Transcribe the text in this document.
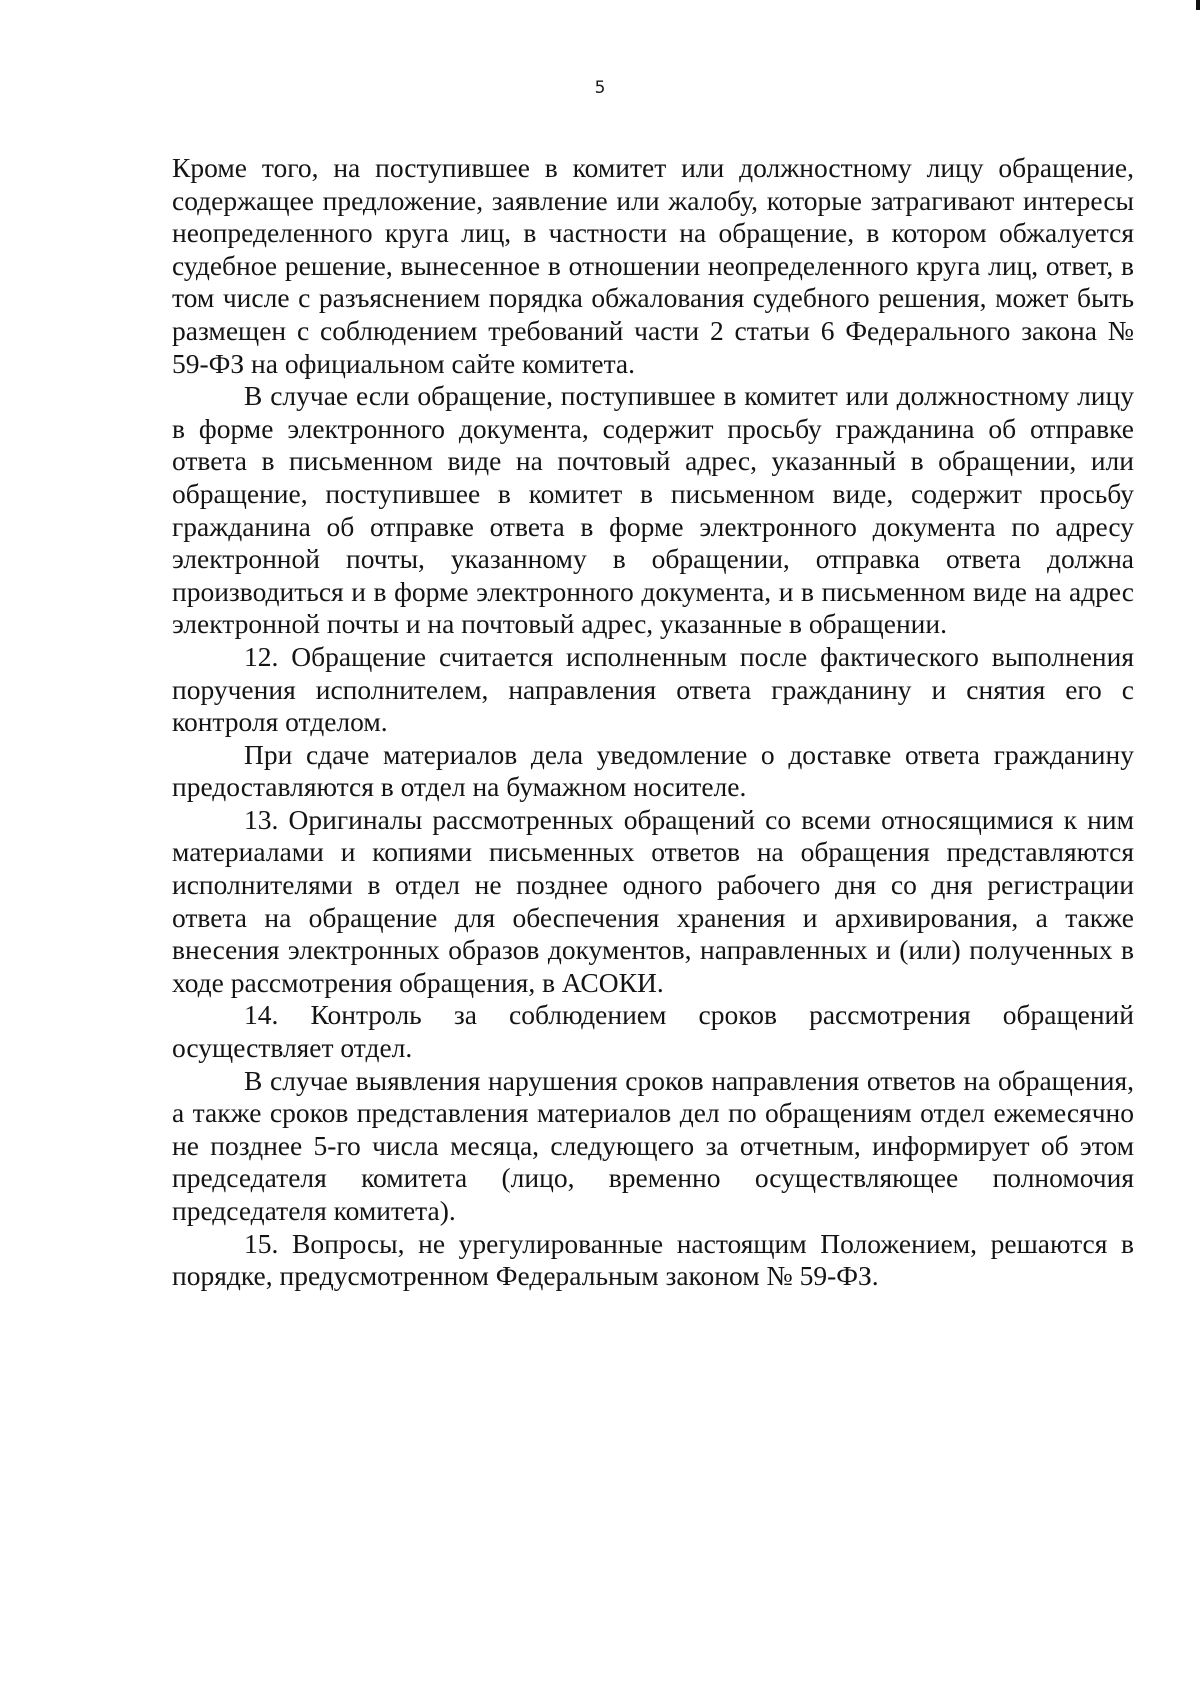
5

Кроме того, на поступившее в комитет или должностному лицу обращение, содержащее предложение, заявление или жалобу, которые затрагивают интересы неопределенного круга лиц, в частности на обращение, в котором обжалуется судебное решение, вынесенное в отношении неопределенного круга лиц, ответ, в том числе с разъяснением порядка обжалования судебного решения, может быть размещен с соблюдением требований части 2 статьи 6 Федерального закона № 59-ФЗ на официальном сайте комитета.

В случае если обращение, поступившее в комитет или должностному лицу в форме электронного документа, содержит просьбу гражданина об отправке ответа в письменном виде на почтовый адрес, указанный в обращении, или обращение, поступившее в комитет в письменном виде, содержит просьбу гражданина об отправке ответа в форме электронного документа по адресу электронной почты, указанному в обращении, отправка ответа должна производиться и в форме электронного документа, и в письменном виде на адрес электронной почты и на почтовый адрес, указанные в обращении.

12. Обращение считается исполненным после фактического выполнения поручения исполнителем, направления ответа гражданину и снятия его с контроля отделом.

При сдаче материалов дела уведомление о доставке ответа гражданину предоставляются в отдел на бумажном носителе.

13. Оригиналы рассмотренных обращений со всеми относящимися к ним материалами и копиями письменных ответов на обращения представляются исполнителями в отдел не позднее одного рабочего дня со дня регистрации ответа на обращение для обеспечения хранения и архивирования, а также внесения электронных образов документов, направленных и (или) полученных в ходе рассмотрения обращения, в АСОКИ.

14. Контроль за соблюдением сроков рассмотрения обращений осуществляет отдел.

В случае выявления нарушения сроков направления ответов на обращения, а также сроков представления материалов дел по обращениям отдел ежемесячно не позднее 5-го числа месяца, следующего за отчетным, информирует об этом председателя комитета (лицо, временно осуществляющее полномочия председателя комитета).

15. Вопросы, не урегулированные настоящим Положением, решаются в порядке, предусмотренном Федеральным законом № 59-ФЗ.
